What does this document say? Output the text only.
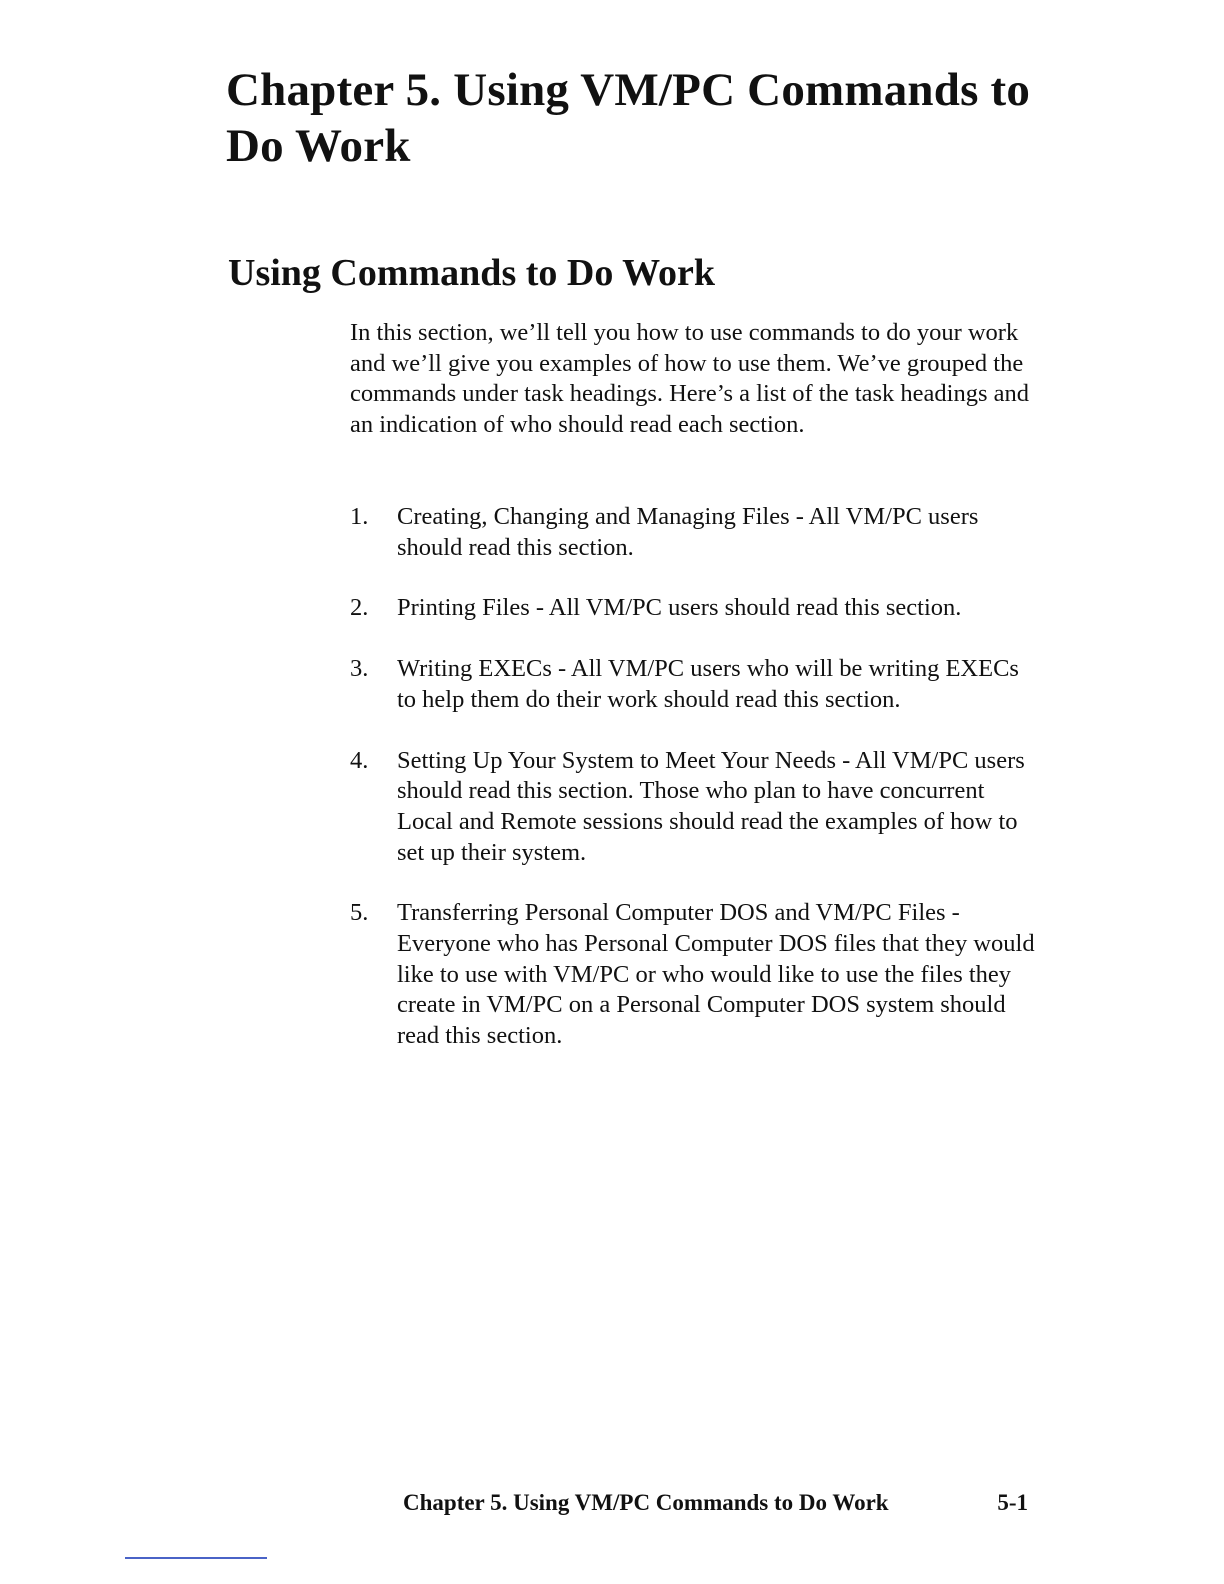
Chapter 5. Using VM/PC Commands to Do Work
Using Commands to Do Work

In this section, we’ll tell you how to use commands to do your work and we’ll give you examples of how to use them. We’ve grouped the commands under task headings. Here’s a list of the task headings and an indication of who should read each section.

1. Creating, Changing and Managing Files - All VM/PC users should read this section.
2. Printing Files - All VM/PC users should read this section.
3. Writing EXECs - All VM/PC users who will be writing EXECs to help them do their work should read this section.
4. Setting Up Your System to Meet Your Needs - All VM/PC users should read this section. Those who plan to have concurrent Local and Remote sessions should read the examples of how to set up their system.
5. Transferring Personal Computer DOS and VM/PC Files - Everyone who has Personal Computer DOS files that they would like to use with VM/PC or who would like to use the files they create in VM/PC on a Personal Computer DOS system should read this section.
Chapter 5. Using VM/PC Commands to Do Work	5-1
